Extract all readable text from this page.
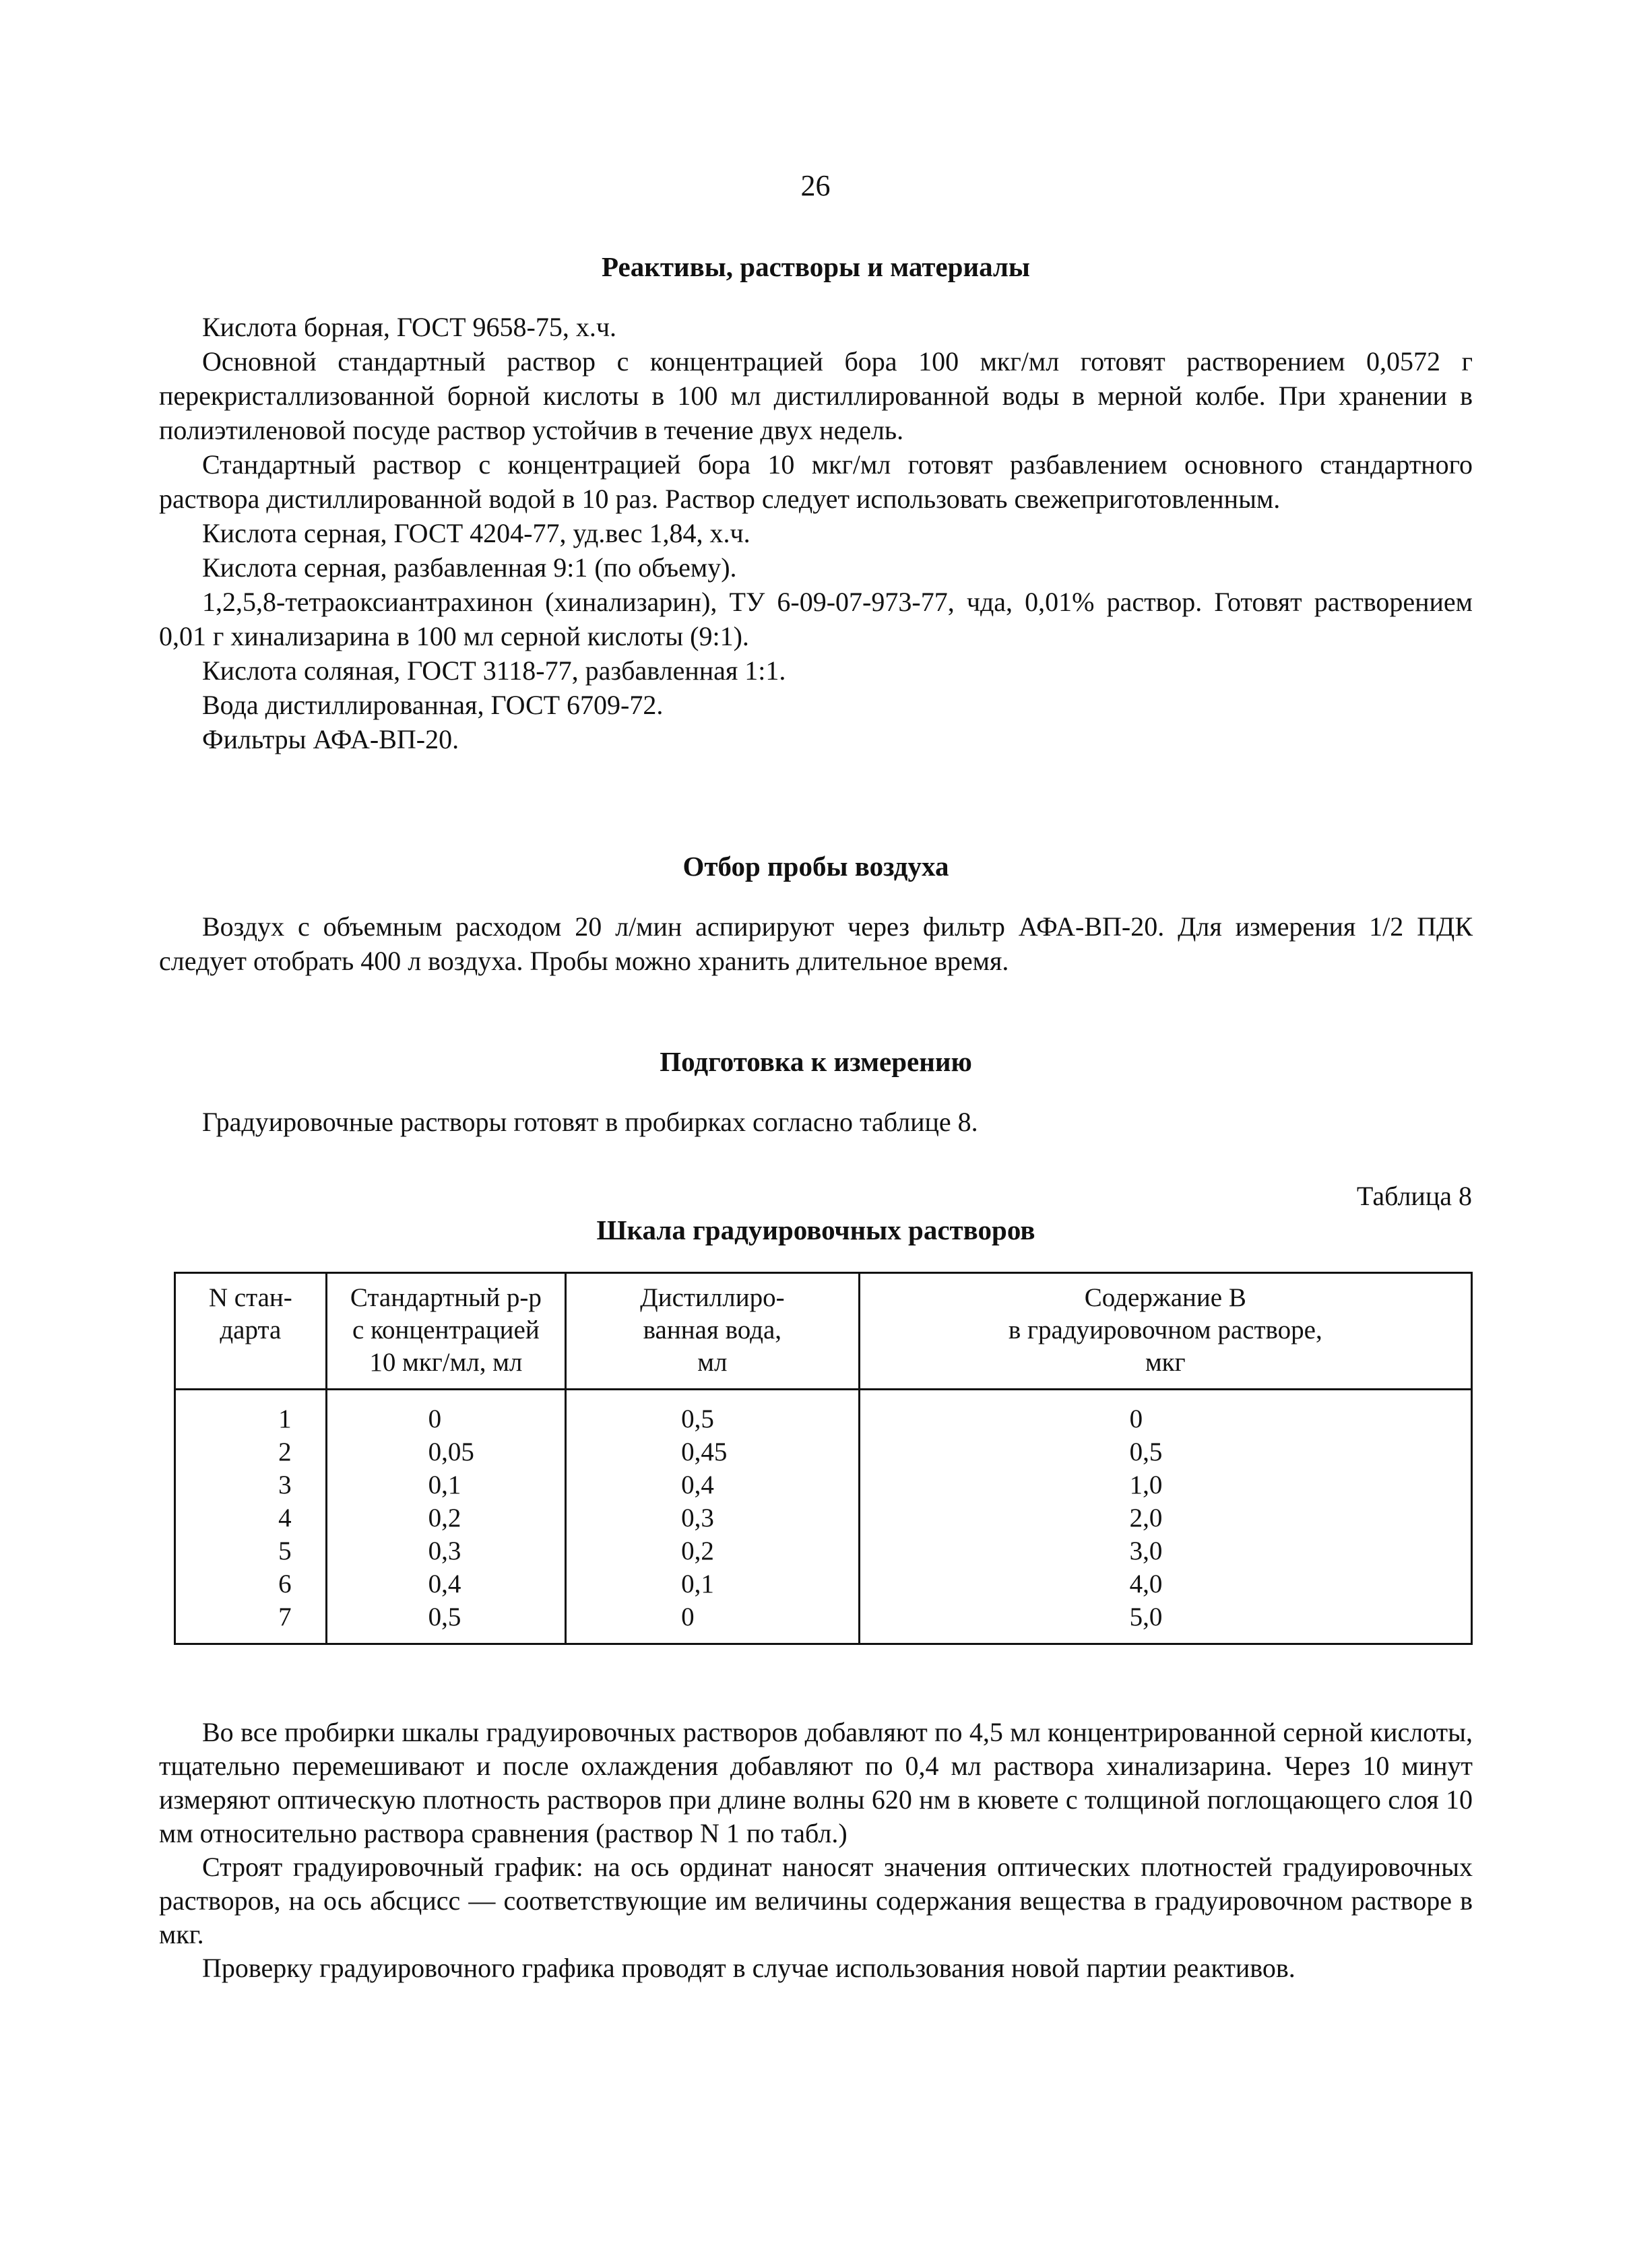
26
Реактивы, растворы и материалы

Кислота борная, ГОСТ 9658-75, х.ч.

Основной стандартный раствор с концентрацией бора 100 мкг/мл готовят растворением 0,0572 г перекристаллизованной борной кислоты в 100 мл дистиллированной воды в мерной колбе. При хранении в полиэтиленовой посуде раствор устойчив в течение двух недель.

Стандартный раствор с концентрацией бора 10 мкг/мл готовят разбавлением основного стандартного раствора дистиллированной водой в 10 раз. Раствор следует использовать свежеприготовленным.

Кислота серная, ГОСТ 4204-77, уд.вес 1,84, х.ч.

Кислота серная, разбавленная 9:1 (по объему).

1,2,5,8-тетраоксиантрахинон (хинализарин), ТУ 6-09-07-973-77, чда, 0,01% раствор. Готовят растворением 0,01 г хинализарина в 100 мл серной кислоты (9:1).

Кислота соляная, ГОСТ 3118-77, разбавленная 1:1.

Вода дистиллированная, ГОСТ 6709-72.

Фильтры АФА-ВП-20.

Отбор пробы воздуха

Воздух с объемным расходом 20 л/мин аспирируют через фильтр АФА-ВП-20. Для измерения 1/2 ПДК следует отобрать 400 л воздуха. Пробы можно хранить длительное время.

Подготовка к измерению

Градуировочные растворы готовят в пробирках согласно таблице 8.

Таблица 8
Шкала градуировочных растворов
N стан-
дарта	Стандартный р-р
с концентрацией
10 мкг/мл, мл	Дистиллиро-
ванная вода,
мл	Содержание B
в градуировочном растворе,
мкг
1	0	0,5	0
2	0,05	0,45	0,5
3	0,1	0,4	1,0
4	0,2	0,3	2,0
5	0,3	0,2	3,0
6	0,4	0,1	4,0
7	0,5	0	5,0

Во все пробирки шкалы градуировочных растворов добавляют по 4,5 мл концентрированной серной кислоты, тщательно перемешивают и после охлаждения добавляют по 0,4 мл раствора хинализарина. Через 10 минут измеряют оптическую плотность растворов при длине волны 620 нм в кювете с толщиной поглощающего слоя 10 мм относительно раствора сравнения (раствор N 1 по табл.)

Строят градуировочный график: на ось ординат наносят значения оптических плотностей градуировочных растворов, на ось абсцисс — соответствующие им величины содержания вещества в градуировочном растворе в мкг.

Проверку градуировочного графика проводят в случае использования новой партии реактивов.
